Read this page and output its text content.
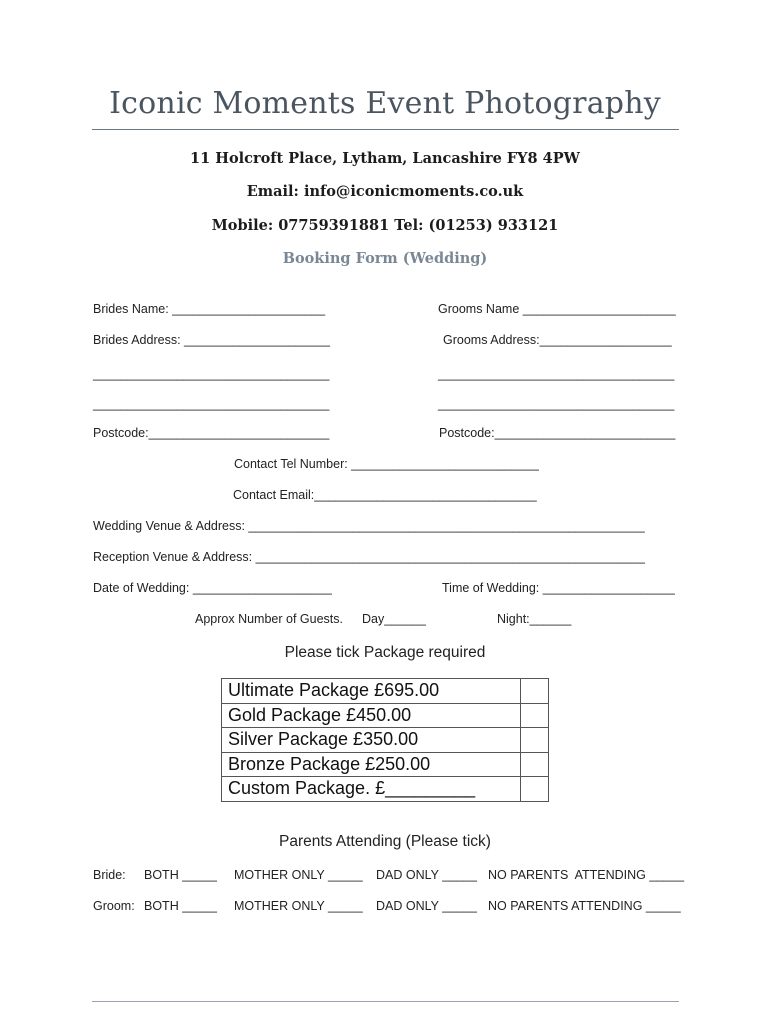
Iconic Moments Event Photography
11 Holcroft Place, Lytham, Lancashire FY8 4PW
Email: info@iconicmoments.co.uk
Mobile: 07759391881 Tel: (01253) 933121
Booking Form (Wedding)
Brides Name: ______________________	Grooms Name ______________________
Brides Address: _____________________	Grooms Address:___________________
__________________________________	__________________________________
__________________________________	__________________________________
Postcode:__________________________	Postcode:__________________________
Contact Tel Number: ___________________________
Contact Email:________________________________
Wedding Venue & Address: _________________________________________________________
Reception Venue & Address: ________________________________________________________
Date of Wedding: ____________________	Time of Wedding: ___________________
Approx Number of Guests. Day______	Night:______
Please tick Package required
Ultimate Package £695.00	
Gold Package £450.00	
Silver Package £350.00	
Bronze Package £250.00	
Custom Package. £_________	
Parents Attending (Please tick)
Bride: BOTH _____ MOTHER ONLY _____ DAD ONLY _____ NO PARENTS  ATTENDING _____
Groom: BOTH _____ MOTHER ONLY _____ DAD ONLY _____ NO PARENTS ATTENDING _____
